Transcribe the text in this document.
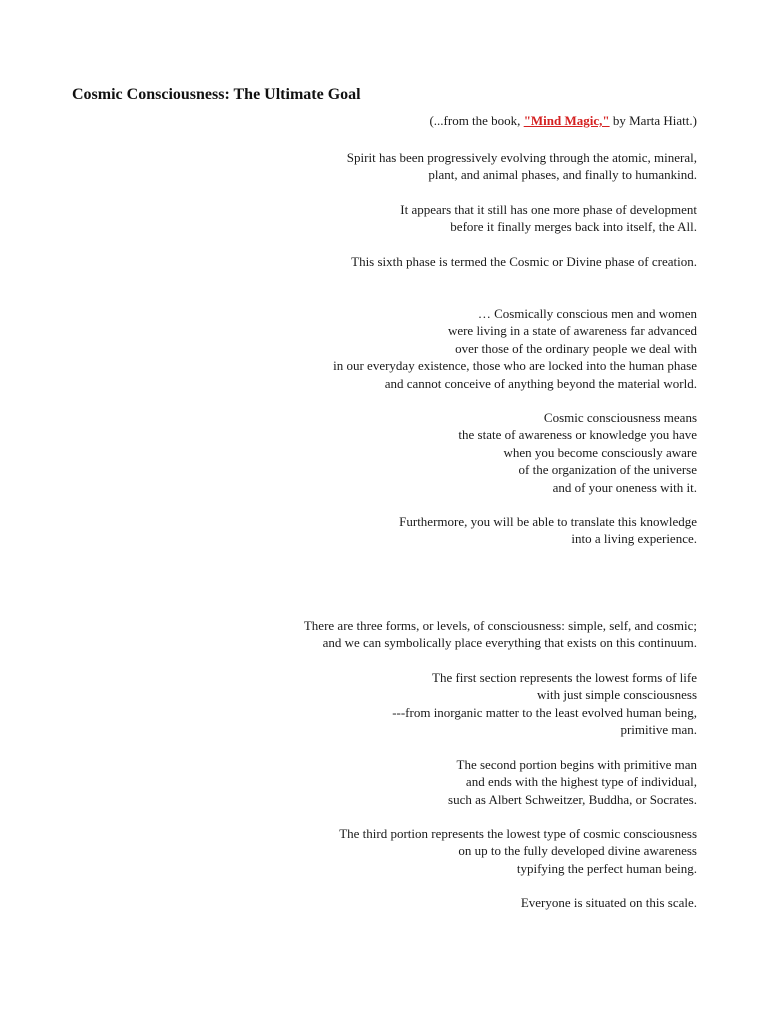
Cosmic Consciousness: The Ultimate Goal
(...from the book, "Mind Magic," by Marta Hiatt.)
Spirit has been progressively evolving through the atomic, mineral,
plant, and animal phases, and finally to humankind.
It appears that it still has one more phase of development
before it finally merges back into itself, the All.
This sixth phase is termed the Cosmic or Divine phase of creation.
… Cosmically conscious men and women
were living in a state of awareness far advanced
over those of the ordinary people we deal with
in our everyday existence, those who are locked into the human phase
and cannot conceive of anything beyond the material world.
Cosmic consciousness means
the state of awareness or knowledge you have
when you become consciously aware
of the organization of the universe
and of your oneness with it.
Furthermore, you will be able to translate this knowledge
into a living experience.
There are three forms, or levels, of consciousness: simple, self, and cosmic;
and we can symbolically place everything that exists on this continuum.
The first section represents the lowest forms of life
with just simple consciousness
---from inorganic matter to the least evolved human being,
primitive man.
The second portion begins with primitive man
and ends with the highest type of individual,
such as Albert Schweitzer, Buddha, or Socrates.
The third portion represents the lowest type of cosmic consciousness
on up to the fully developed divine awareness
typifying the perfect human being.
Everyone is situated on this scale.
